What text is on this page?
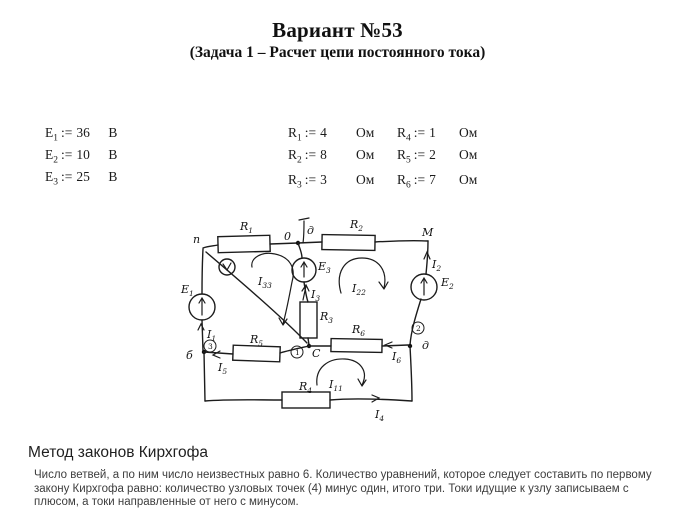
Вариант №53
(Задача 1 – Расчет цепи постоянного тока)
$E_1$ := 36 В
$E_2$ := 10 В
$E_3$ := 25 В
$R_1$ := 4 Ом $R_4$ := 1 Ом
$R_2$ := 8 Ом $R_5$ := 2 Ом
$R_3$ := 3 Ом $R_6$ := 7 Ом
n	0 д	M
б	C
д
1
2
3
$R_1$	$R_2$
$R_3$
$R_4$
$R_5$
$R_6$
$E_1$
$E_2$
$E_3$
$I_1$
$I_2$
$I_3$
$I_4$
$I_5$
$I_6$
$I_{33}$	$I_{22}$
$I_{11}$
Метод законов Кирхгофа
Число ветвей, а по ним число неизвестных равно 6. Количество уравнений, которое следует составить по первому закону Кирхгофа равно: количество узловых точек (4) минус один, итого три. Токи идущие к узлу записываем с плюсом, а токи направленные от него с минусом.
